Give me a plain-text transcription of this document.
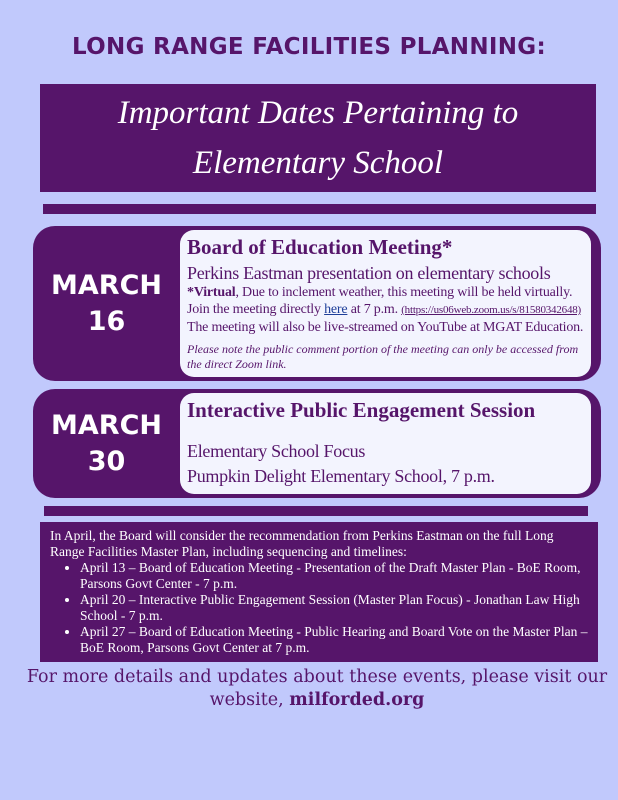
LONG RANGE FACILITIES PLANNING:
Important Dates Pertaining to
Elementary School
MARCH
16
Board of Education Meeting*
Perkins Eastman presentation on elementary schools
*Virtual, Due to inclement weather, this meeting will be held virtually.
Join the meeting directly here at 7 p.m. (https://us06web.zoom.us/s/81580342648)
The meeting will also be live-streamed on YouTube at MGAT Education.
Please note the public comment portion of the meeting can only be accessed from the direct Zoom link.
MARCH
30
Interactive Public Engagement Session
Elementary School Focus
Pumpkin Delight Elementary School, 7 p.m.
In April, the Board will consider the recommendation from Perkins Eastman on the full Long Range Facilities Master Plan, including sequencing and timelines:
• April 13 – Board of Education Meeting - Presentation of the Draft Master Plan - BoE Room, Parsons Govt Center - 7 p.m.
• April 20 – Interactive Public Engagement Session (Master Plan Focus) - Jonathan Law High School - 7 p.m.
• April 27 – Board of Education Meeting - Public Hearing and Board Vote on the Master Plan – BoE Room, Parsons Govt Center at 7 p.m.
For more details and updates about these events, please visit our website, milforded.org
